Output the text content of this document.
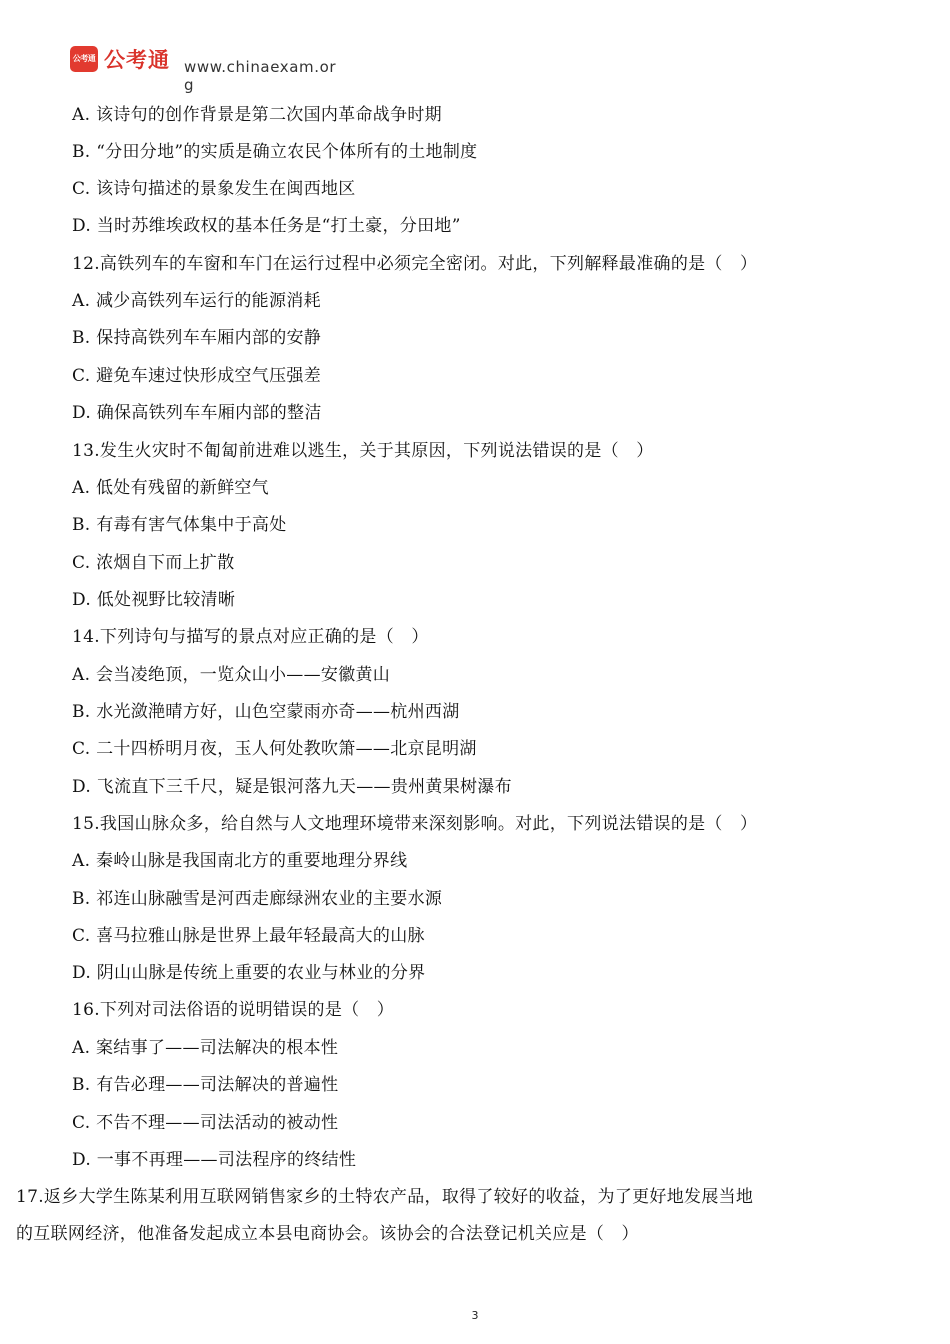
公考通 公考通 www.chinaexam.org
A. 该诗句的创作背景是第二次国内革命战争时期
B. “分田分地”的实质是确立农民个体所有的土地制度
C. 该诗句描述的景象发生在闽西地区
D. 当时苏维埃政权的基本任务是“打土豪，分田地”
12.高铁列车的车窗和车门在运行过程中必须完全密闭。对此，下列解释最准确的是（　）
A. 减少高铁列车运行的能源消耗
B. 保持高铁列车车厢内部的安静
C. 避免车速过快形成空气压强差
D. 确保高铁列车车厢内部的整洁
13.发生火灾时不匍匐前进难以逃生，关于其原因，下列说法错误的是（　）
A. 低处有残留的新鲜空气
B. 有毒有害气体集中于高处
C. 浓烟自下而上扩散
D. 低处视野比较清晰
14.下列诗句与描写的景点对应正确的是（　）
A. 会当凌绝顶，一览众山小——安徽黄山
B. 水光潋滟晴方好，山色空蒙雨亦奇——杭州西湖
C. 二十四桥明月夜，玉人何处教吹箫——北京昆明湖
D. 飞流直下三千尺，疑是银河落九天——贵州黄果树瀑布
15.我国山脉众多，给自然与人文地理环境带来深刻影响。对此，下列说法错误的是（　）
A. 秦岭山脉是我国南北方的重要地理分界线
B. 祁连山脉融雪是河西走廊绿洲农业的主要水源
C. 喜马拉雅山脉是世界上最年轻最高大的山脉
D. 阴山山脉是传统上重要的农业与林业的分界
16.下列对司法俗语的说明错误的是（　）
A. 案结事了——司法解决的根本性
B. 有告必理——司法解决的普遍性
C. 不告不理——司法活动的被动性
D. 一事不再理——司法程序的终结性
17.返乡大学生陈某利用互联网销售家乡的土特农产品，取得了较好的收益，为了更好地发展当地
的互联网经济，他准备发起成立本县电商协会。该协会的合法登记机关应是（　）
3
